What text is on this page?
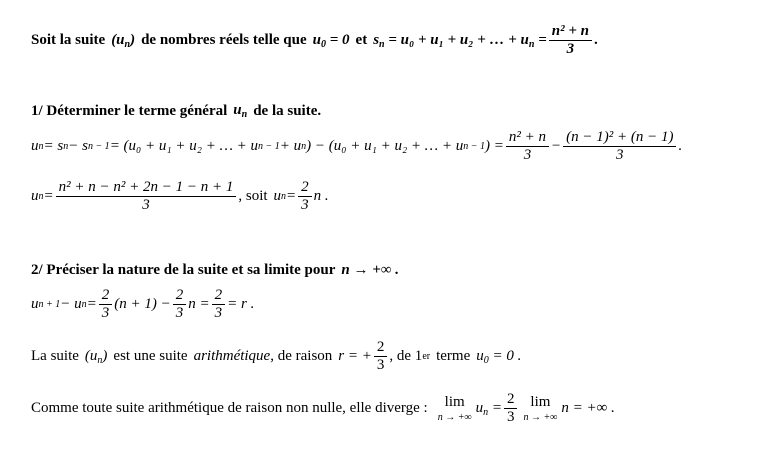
Soit la suite $(u_n)$ de nombres réels telle que $u_0 = 0$ et $s_n = u_0 + u_1 + u_2$ + … + $u_n = \frac{\text{n² + n}}{3}$ .
1/ Déterminer le terme général $u_n$ de la suite.
u n = s n − s n − 1 = (u₀ + u₁ + u₂ + … + u n − 1 + u n ) − (u₀ + u₁ + u₂ + … + u n − 1 ) = $\frac{\text{n² + n}}{3} - \frac{\text{(n − 1)² + (n − 1)}}{3}$ .
u $n = \frac{\text{n² + n − n² + 2n − 1 − n + 1}}{3}$ , soit u $n = \frac{2}{3}$ n .
2/ Préciser la nature de la suite et sa limite pour n → +∞ .
u n + 1 − u $n = \frac{2}{3} (n + 1) - \frac{2}{3}$ $n = \frac{2}{3} = r$ .
La suite $(u_n)$ est une suite arithmétique , de raison r = + $\frac{2}{3}$ , de 1 er terme $u_0 = 0$ .
Comme toute suite arithmétique de raison non nulle, elle diverge : lim
n → +∞
$u_n = \frac{2}{3}$ lim
n → +∞
n = +∞ .
